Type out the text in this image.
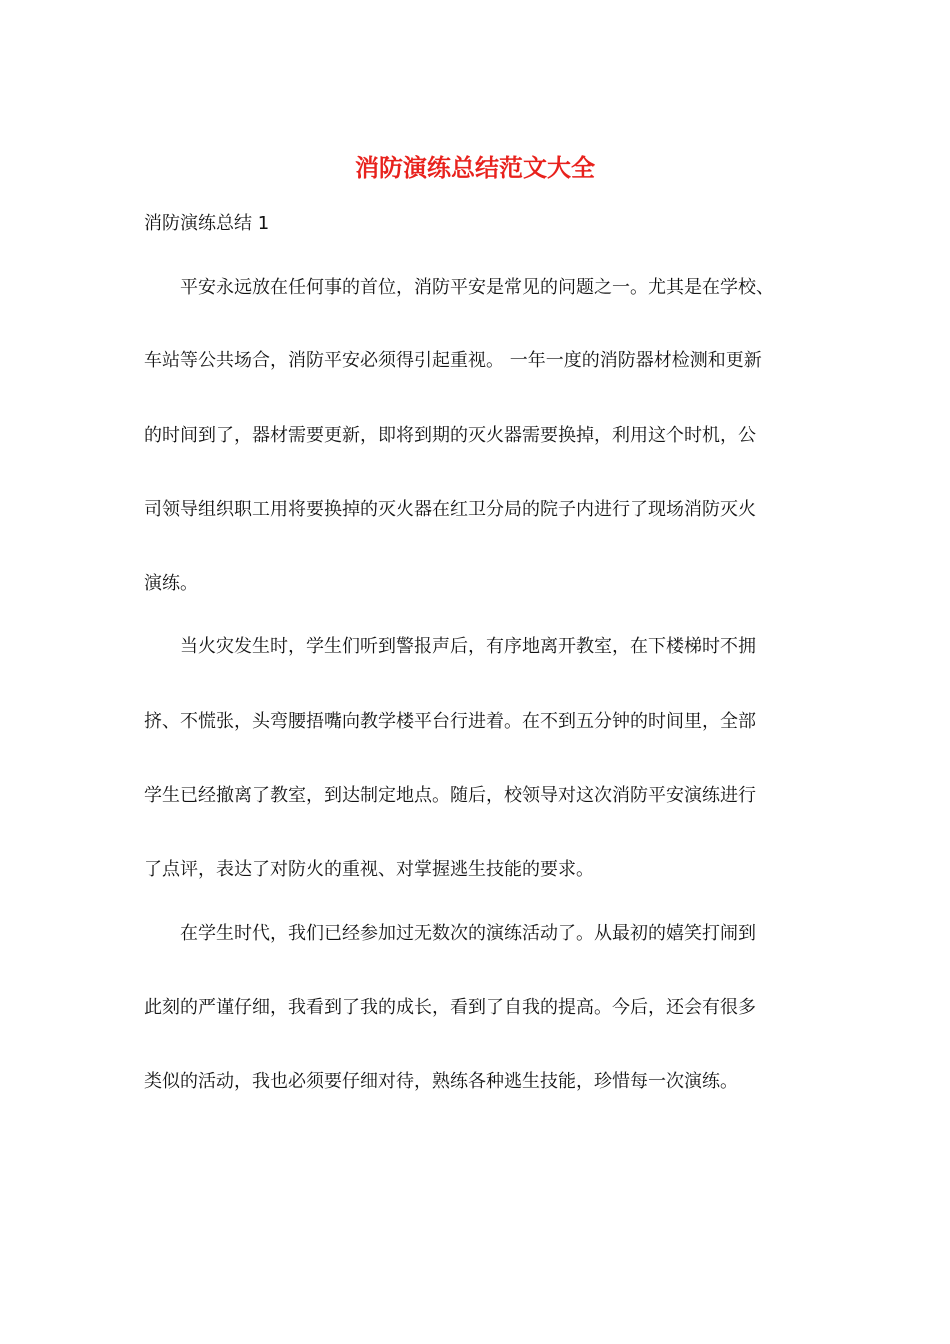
消防演练总结范文大全
消防演练总结 1
平安永远放在任何事的首位，消防平安是常见的问题之一。尤其是在学校、
车站等公共场合，消防平安必须得引起重视。 一年一度的消防器材检测和更新
的时间到了，器材需要更新，即将到期的灭火器需要换掉，利用这个时机，公
司领导组织职工用将要换掉的灭火器在红卫分局的院子内进行了现场消防灭火
演练。
当火灾发生时，学生们听到警报声后，有序地离开教室，在下楼梯时不拥
挤、不慌张，头弯腰捂嘴向教学楼平台行进着。在不到五分钟的时间里，全部
学生已经撤离了教室，到达制定地点。随后，校领导对这次消防平安演练进行
了点评，表达了对防火的重视、对掌握逃生技能的要求。
在学生时代，我们已经参加过无数次的演练活动了。从最初的嬉笑打闹到
此刻的严谨仔细，我看到了我的成长，看到了自我的提高。今后，还会有很多
类似的活动，我也必须要仔细对待，熟练各种逃生技能，珍惜每一次演练。
